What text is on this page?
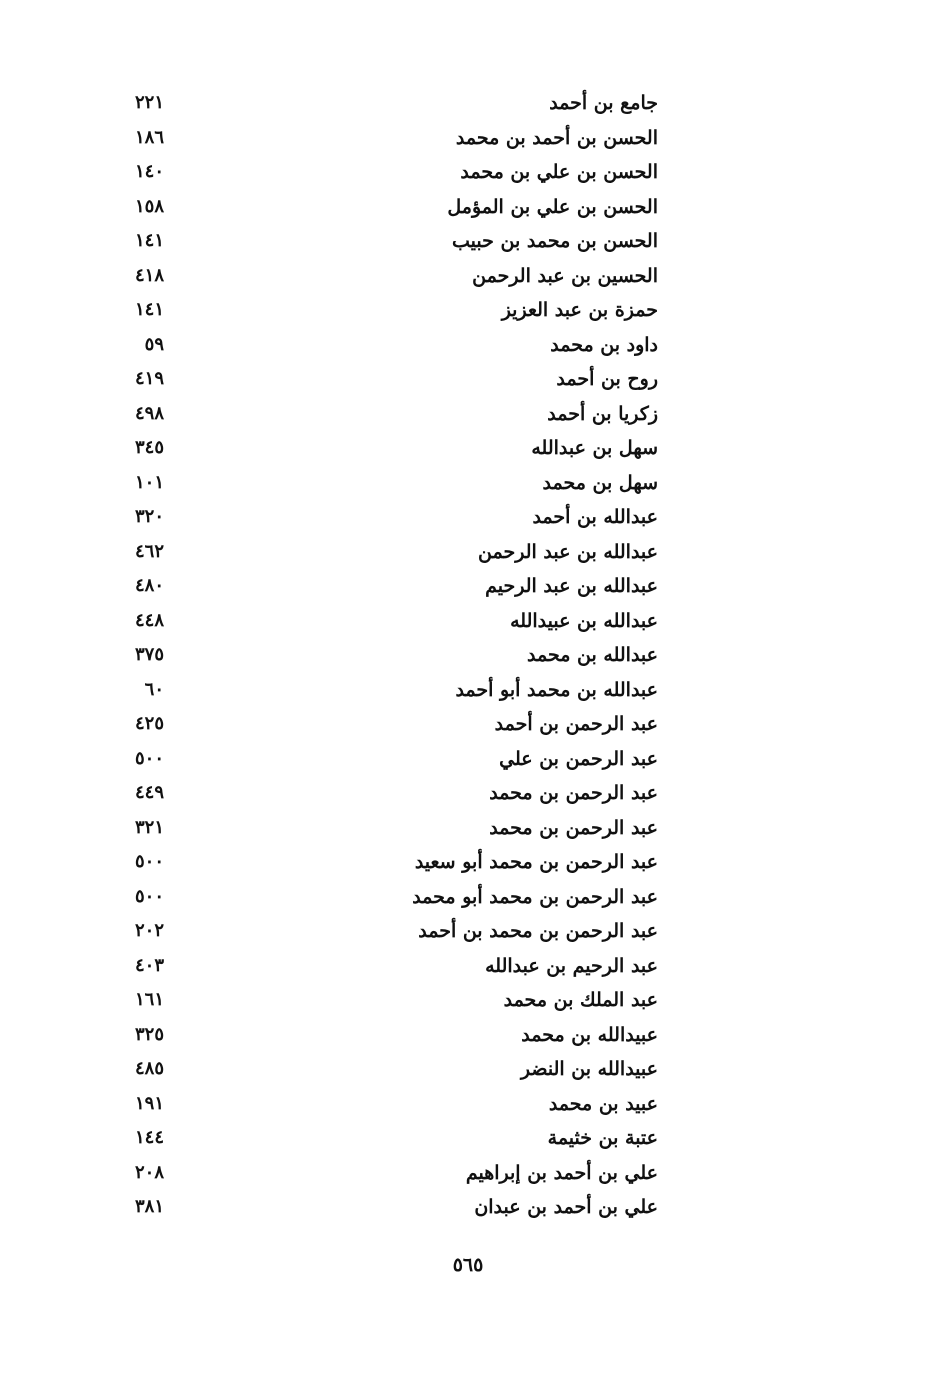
جامع بن أحمد
٢٢١
الحسن بن أحمد بن محمد
١٨٦
الحسن بن علي بن محمد
١٤٠
الحسن بن علي بن المؤمل
١٥٨
الحسن بن محمد بن حبيب
١٤١
الحسين بن عبد الرحمن
٤١٨
حمزة بن عبد العزيز
١٤١
داود بن محمد
٥٩
روح بن أحمد
٤١٩
زكريا بن أحمد
٤٩٨
سهل بن عبدالله
٣٤٥
سهل بن محمد
١٠١
عبدالله بن أحمد
٣٢٠
عبدالله بن عبد الرحمن
٤٦٢
عبدالله بن عبد الرحيم
٤٨٠
عبدالله بن عبيدالله
٤٤٨
عبدالله بن محمد
٣٧٥
عبدالله بن محمد أبو أحمد
٦٠
عبد الرحمن بن أحمد
٤٢٥
عبد الرحمن بن علي
٥٠٠
عبد الرحمن بن محمد
٤٤٩
عبد الرحمن بن محمد
٣٢١
عبد الرحمن بن محمد أبو سعيد
٥٠٠
عبد الرحمن بن محمد أبو محمد
٥٠٠
عبد الرحمن بن محمد بن أحمد
٢٠٢
عبد الرحيم بن عبدالله
٤٠٣
عبد الملك بن محمد
١٦١
عبيدالله بن محمد
٣٢٥
عبيدالله بن النضر
٤٨٥
عبيد بن محمد
١٩١
عتبة بن خثيمة
١٤٤
علي بن أحمد بن إبراهيم
٢٠٨
علي بن أحمد بن عبدان
٣٨١
٥٦٥
